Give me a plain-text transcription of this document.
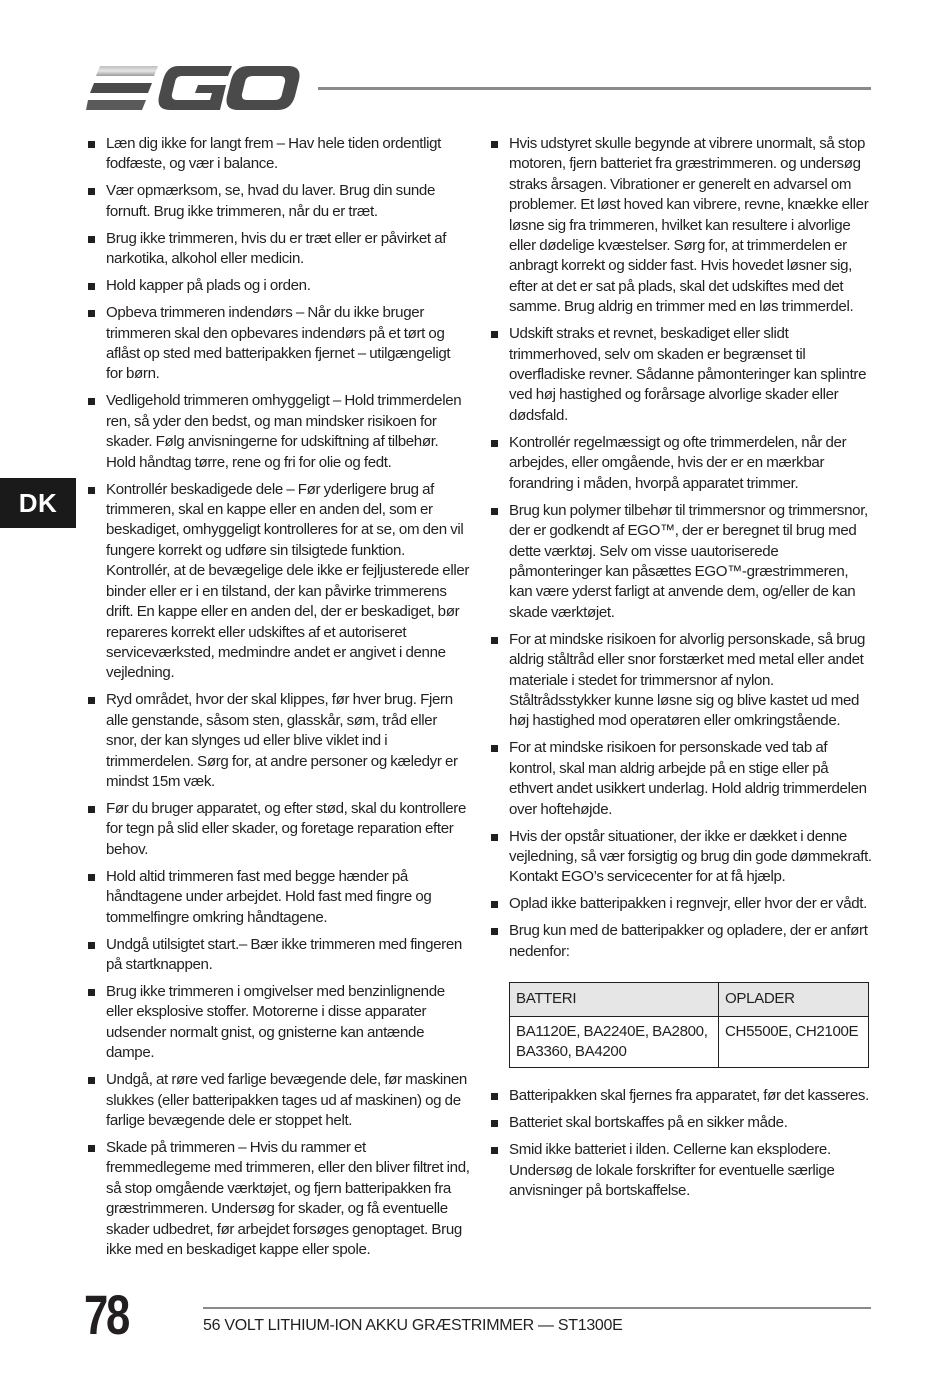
DK
Læn dig ikke for langt frem – Hav hele tiden ordentligt fodfæste, og vær i balance.
Vær opmærksom, se, hvad du laver. Brug din sunde fornuft. Brug ikke trimmeren, når du er træt.
Brug ikke trimmeren, hvis du er træt eller er påvirket af narkotika, alkohol eller medicin.
Hold kapper på plads og i orden.
Opbeva trimmeren indendørs – Når du ikke bruger trimmeren skal den opbevares indendørs på et tørt og aflåst op sted med batteripakken fjernet – utilgængeligt for børn.
Vedligehold trimmeren omhyggeligt – Hold trimmerdelen ren, så yder den bedst, og man mindsker risikoen for skader. Følg anvisningerne for udskiftning af tilbehør. Hold håndtag tørre, rene og fri for olie og fedt.
Kontrollér beskadigede dele – Før yderligere brug af trimmeren, skal en kappe eller en anden del, som er beskadiget, omhyggeligt kontrolleres for at se, om den vil fungere korrekt og udføre sin tilsigtede funktion. Kontrollér, at de bevægelige dele ikke er fejljusterede eller binder eller er i en tilstand, der kan påvirke trimmerens drift. En kappe eller en anden del, der er beskadiget, bør repareres korrekt eller udskiftes af et autoriseret serviceværksted, medmindre andet er angivet i denne vejledning.
Ryd området, hvor der skal klippes, før hver brug. Fjern alle genstande, såsom sten, glasskår, søm, tråd eller snor, der kan slynges ud eller blive viklet ind i trimmerdelen. Sørg for, at andre personer og kæledyr er mindst 15m væk.
Før du bruger apparatet, og efter stød, skal du kontrollere for tegn på slid eller skader, og foretage reparation efter behov.
Hold altid trimmeren fast med begge hænder på håndtagene under arbejdet. Hold fast med fingre og tommelfingre omkring håndtagene.
Undgå utilsigtet start.– Bær ikke trimmeren med fingeren på startknappen.
Brug ikke trimmeren i omgivelser med benzinlignende eller eksplosive stoffer. Motorerne i disse apparater udsender normalt gnist, og gnisterne kan antænde dampe.
Undgå, at røre ved farlige bevægende dele, før maskinen slukkes (eller batteripakken tages ud af maskinen) og de farlige bevægende dele er stoppet helt.
Skade på trimmeren – Hvis du rammer et fremmedlegeme med trimmeren, eller den bliver filtret ind, så stop omgående værktøjet, og fjern batteripakken fra græstrimmeren. Undersøg for skader, og få eventuelle skader udbedret, før arbejdet forsøges genoptaget. Brug ikke med en beskadiget kappe eller spole.
Hvis udstyret skulle begynde at vibrere unormalt, så stop motoren, fjern batteriet fra græstrimmeren. og undersøg straks årsagen. Vibrationer er generelt en advarsel om problemer. Et løst hoved kan vibrere, revne, knække eller løsne sig fra trimmeren, hvilket kan resultere i alvorlige eller dødelige kvæstelser. Sørg for, at trimmerdelen er anbragt korrekt og sidder fast. Hvis hovedet løsner sig, efter at det er sat på plads, skal det udskiftes med det samme. Brug aldrig en trimmer med en løs trimmerdel.
Udskift straks et revnet, beskadiget eller slidt trimmerhoved, selv om skaden er begrænset til overfladiske revner. Sådanne påmonteringer kan splintre ved høj hastighed og forårsage alvorlige skader eller dødsfald.
Kontrollér regelmæssigt og ofte trimmerdelen, når der arbejdes, eller omgående, hvis der er en mærkbar forandring i måden, hvorpå apparatet trimmer.
Brug kun polymer tilbehør til trimmersnor og trimmersnor, der er godkendt af EGO™, der er beregnet til brug med dette værktøj. Selv om visse uautoriserede påmonteringer kan påsættes EGO™-græstrimmeren, kan være yderst farligt at anvende dem, og/eller de kan skade værktøjet.
For at mindske risikoen for alvorlig personskade, så brug aldrig ståltråd eller snor forstærket med metal eller andet materiale i stedet for trimmersnor af nylon. Ståltrådsstykker kunne løsne sig og blive kastet ud med høj hastighed mod operatøren eller omkringstående.
For at mindske risikoen for personskade ved tab af kontrol, skal man aldrig arbejde på en stige eller på ethvert andet usikkert underlag. Hold aldrig trimmerdelen over hoftehøjde.
Hvis der opstår situationer, der ikke er dækket i denne vejledning, så vær forsigtig og brug din gode dømmekraft. Kontakt EGO’s servicecenter for at få hjælp.
Oplad ikke batteripakken i regnvejr, eller hvor der er vådt.
Brug kun med de batteripakker og opladere, der er anført nedenfor:
BATTERI	OPLADER
BA1120E, BA2240E, BA2800, BA3360, BA4200	CH5500E, CH2100E
Batteripakken skal fjernes fra apparatet, før det kasseres.
Batteriet skal bortskaffes på en sikker måde.
Smid ikke batteriet i ilden. Cellerne kan eksplodere. Undersøg de lokale forskrifter for eventuelle særlige anvisninger på bortskaffelse.
78	56 VOLT LITHIUM-ION AKKU GRÆSTRIMMER — ST1300E
